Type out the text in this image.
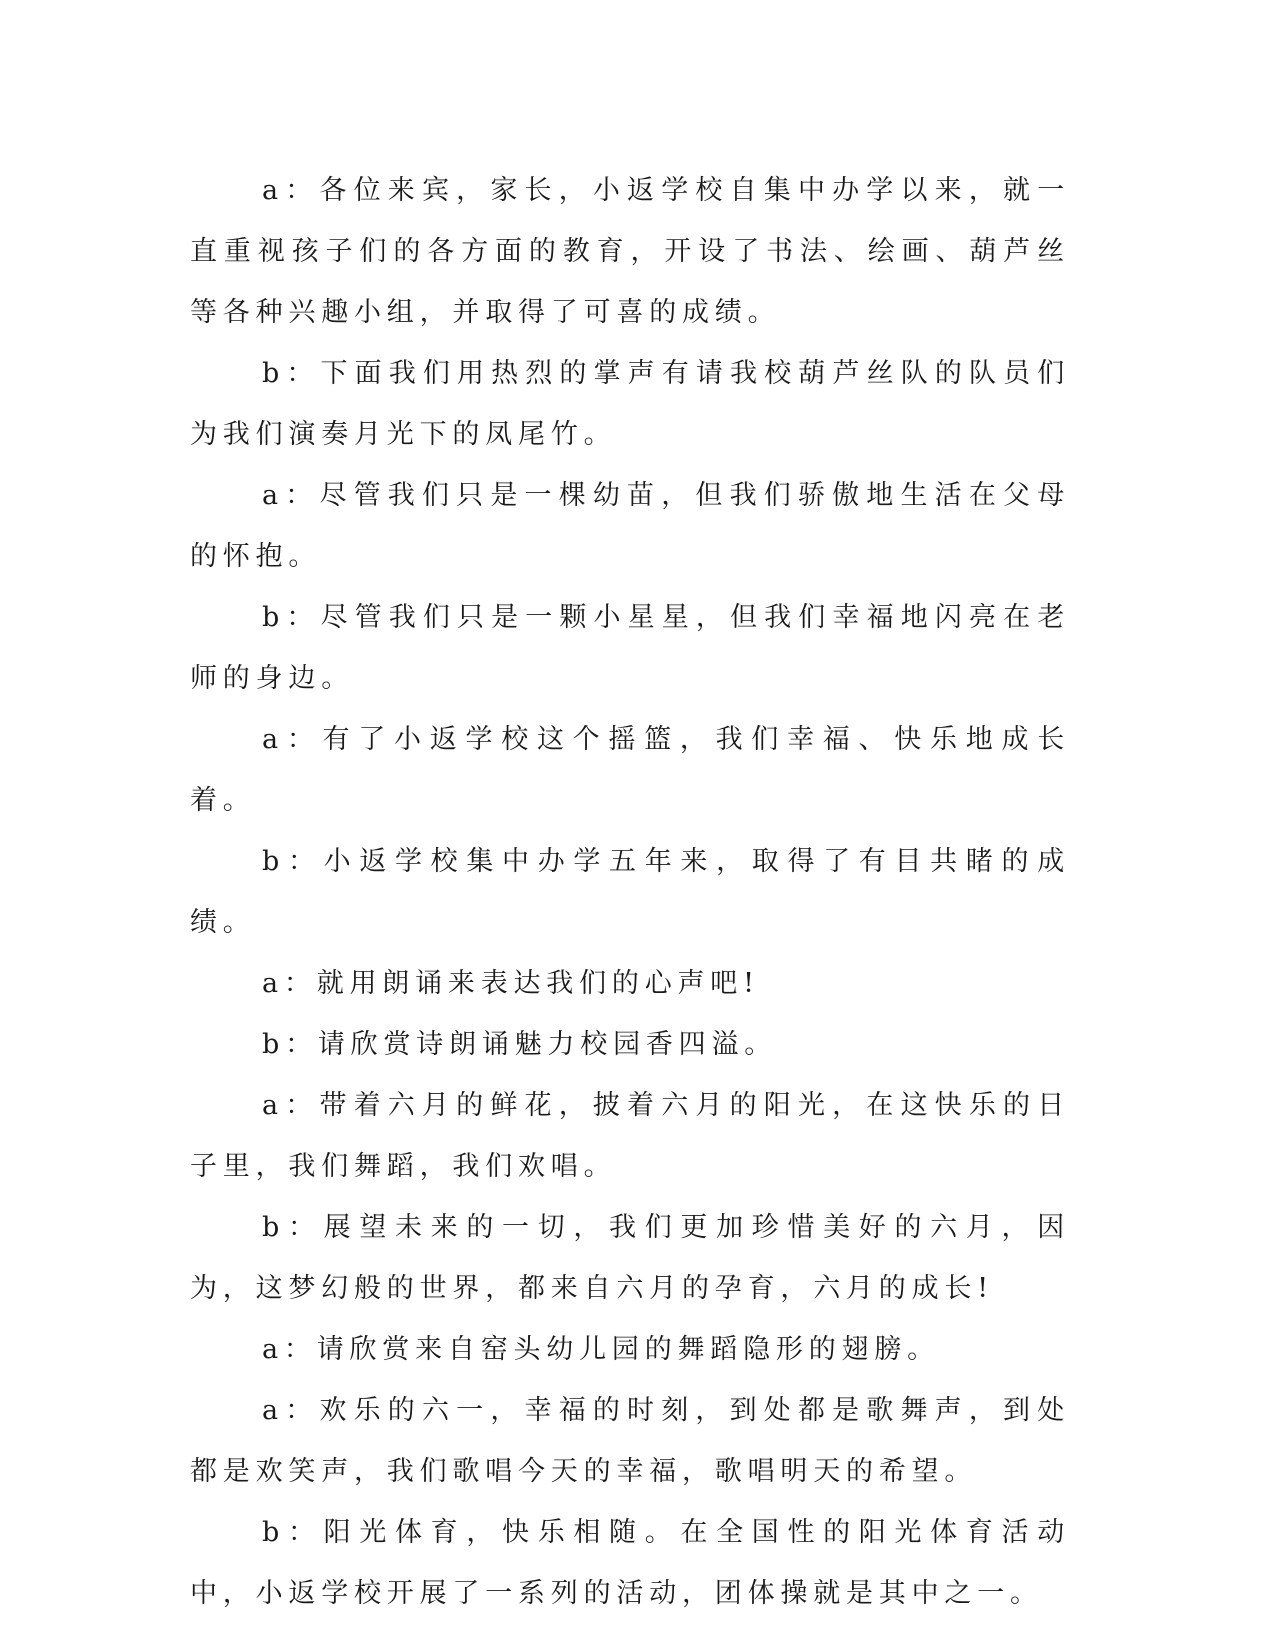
a：各位来宾，家长，小返学校自集中办学以来，就一直重视孩子们的各方面的教育，开设了书法、绘画、葫芦丝等各种兴趣小组，并取得了可喜的成绩。

b：下面我们用热烈的掌声有请我校葫芦丝队的队员们为我们演奏月光下的凤尾竹。

a：尽管我们只是一棵幼苗，但我们骄傲地生活在父母的怀抱。

b：尽管我们只是一颗小星星，但我们幸福地闪亮在老师的身边。

a：有了小返学校这个摇篮，我们幸福、快乐地成长着。

b：小返学校集中办学五年来，取得了有目共睹的成绩。

a：就用朗诵来表达我们的心声吧!

b：请欣赏诗朗诵魅力校园香四溢。

a：带着六月的鲜花，披着六月的阳光，在这快乐的日子里，我们舞蹈，我们欢唱。

b：展望未来的一切，我们更加珍惜美好的六月，因为，这梦幻般的世界，都来自六月的孕育，六月的成长!

a：请欣赏来自窑头幼儿园的舞蹈隐形的翅膀。

a：欢乐的六一，幸福的时刻，到处都是歌舞声，到处都是欢笑声，我们歌唱今天的幸福，歌唱明天的希望。

b：阳光体育，快乐相随。在全国性的阳光体育活动中，小返学校开展了一系列的活动，团体操就是其中之一。
